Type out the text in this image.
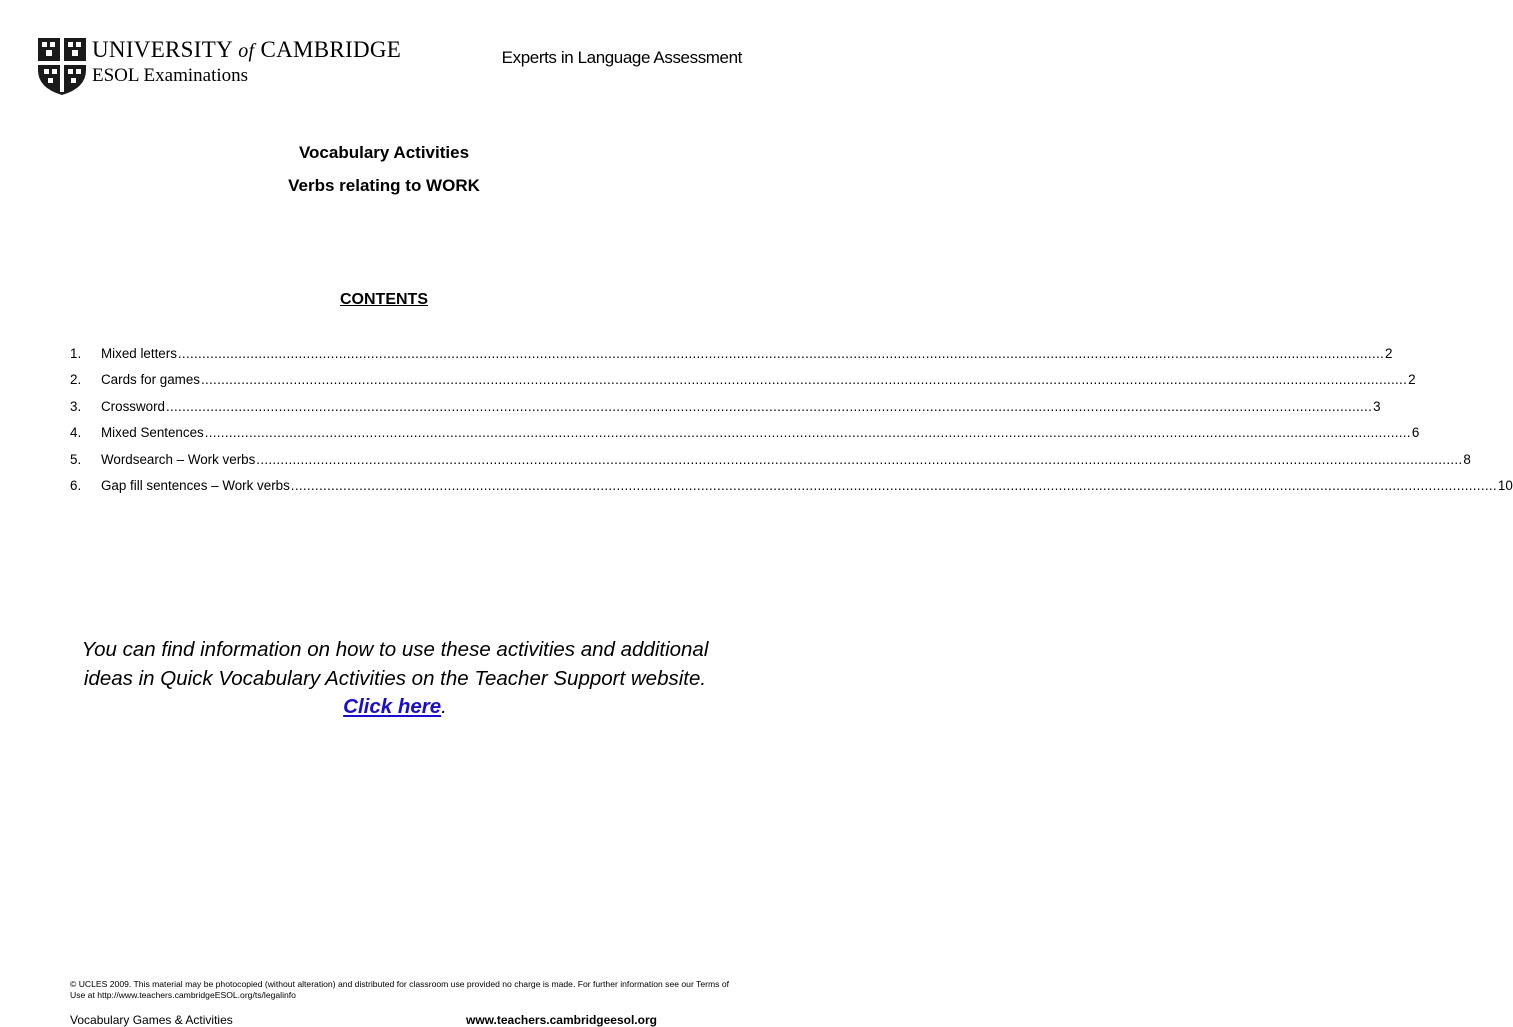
UNIVERSITY of CAMBRIDGE
ESOL Examinations
Experts in Language Assessment
Vocabulary Activities
Verbs relating to WORK
CONTENTS
1.	Mixed letters ............................................................................................................................................................................................................................................................................................................ 2
2.	Cards for games ............................................................................................................................................................................................................................................................................................................ 2
3.	Crossword ............................................................................................................................................................................................................................................................................................................ 3
4.	Mixed Sentences ............................................................................................................................................................................................................................................................................................................ 6
5.	Wordsearch – Work verbs ............................................................................................................................................................................................................................................................................................................ 8
6.	Gap fill sentences – Work verbs ............................................................................................................................................................................................................................................................................................................ 10
You can find information on how to use these activities and additional
ideas in Quick Vocabulary Activities on the Teacher Support website.
Click here.
© UCLES 2009. This material may be photocopied (without alteration) and distributed for classroom use provided no charge is made. For further information see our Terms of Use at http://www.teachers.cambridgeESOL.org/ts/legalinfo
Vocabulary Games & Activities	www.teachers.cambridgeesol.org
